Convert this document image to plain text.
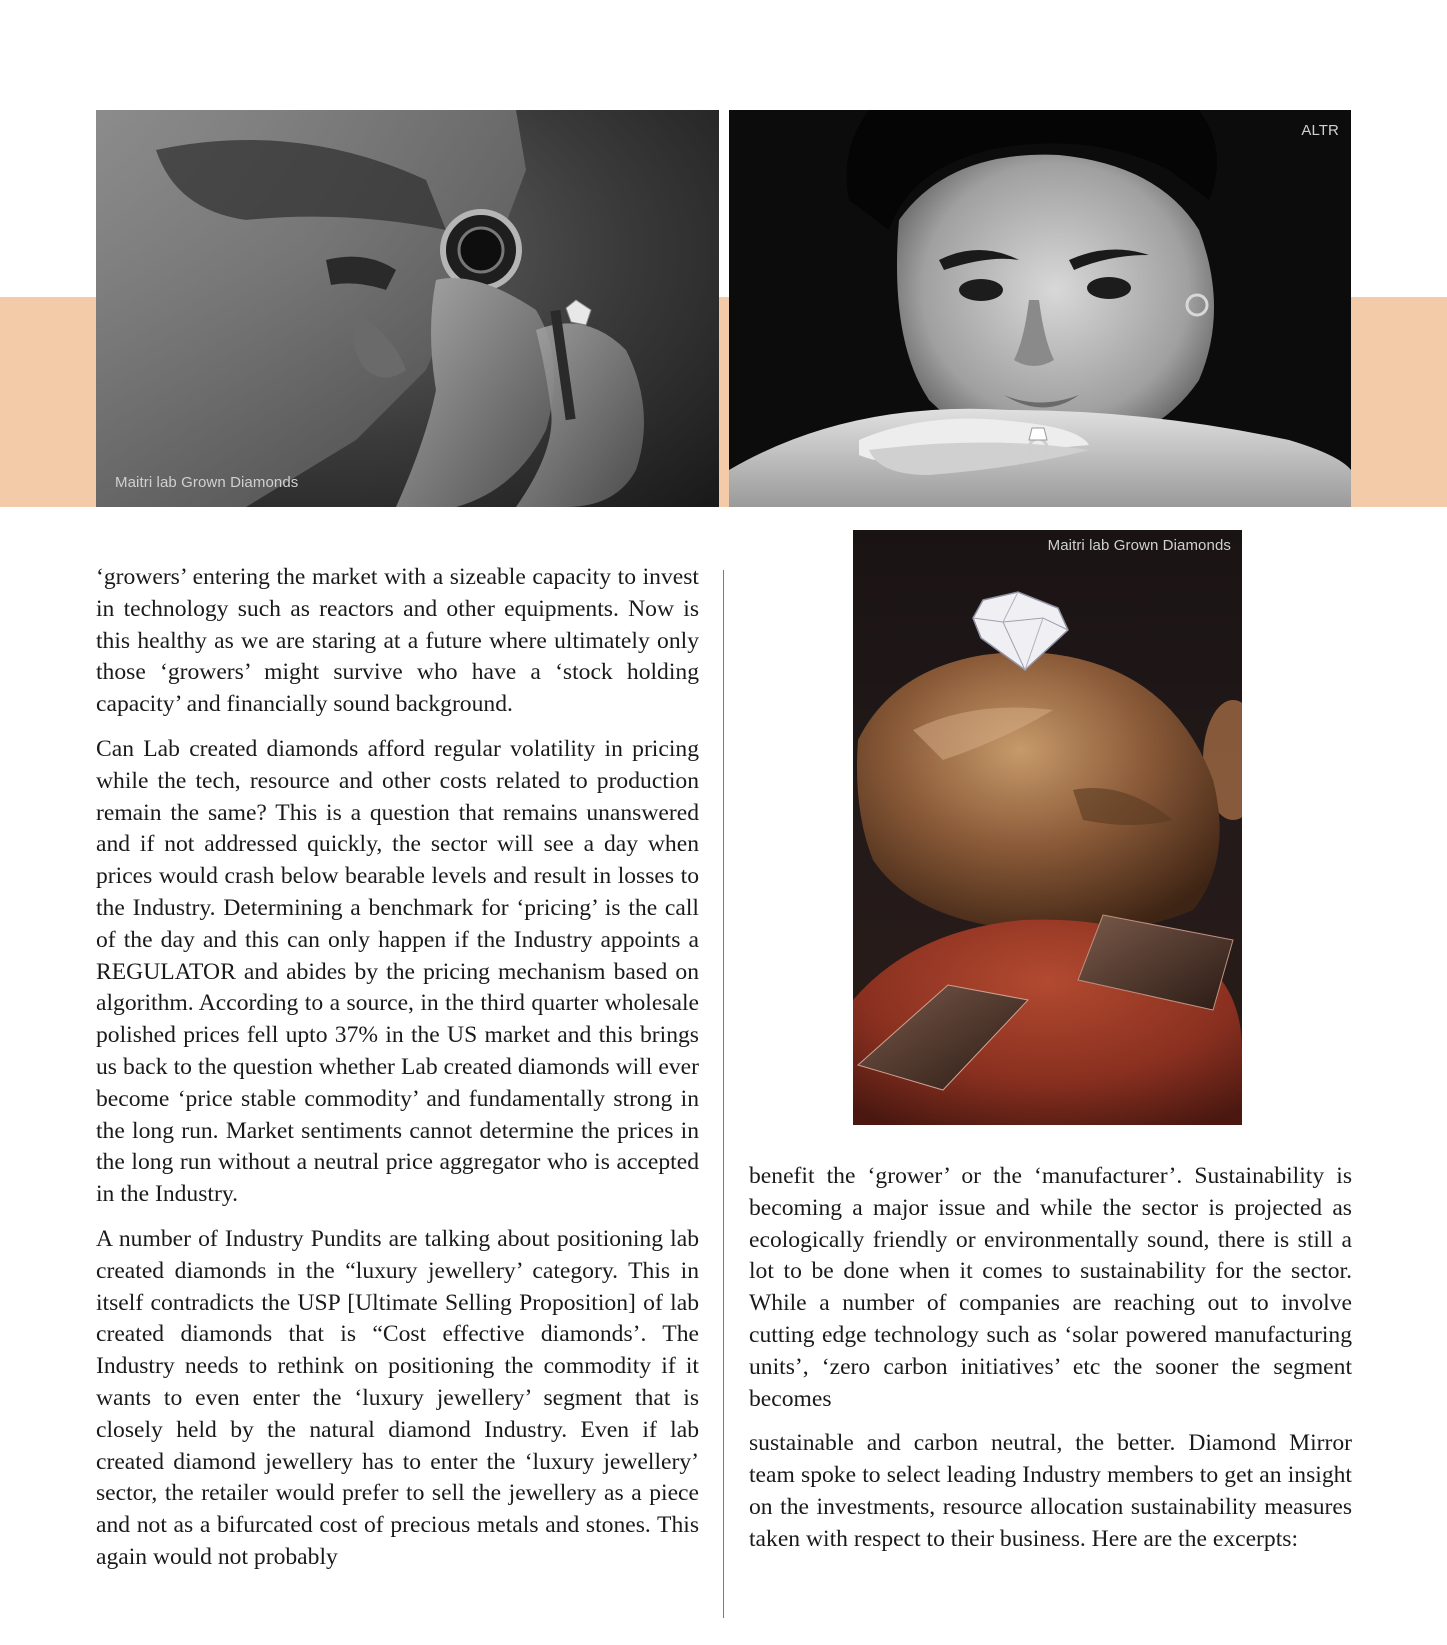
Maitri lab Grown Diamonds
ALTR
Maitri lab Grown Diamonds

‘growers’ entering the market with a sizeable capacity to invest in technology such as reactors and other equipments. Now is this healthy as we are staring at a future where ultimately only those ‘growers’ might survive who have a ‘stock holding capacity’ and financially sound background.

Can Lab created diamonds afford regular volatility in pricing while the tech, resource and other costs related to production remain the same? This is a question that remains unanswered and if not addressed quickly, the sector will see a day when prices would crash below bearable levels and result in losses to the Industry. Determining a benchmark for ‘pricing’ is the call of the day and this can only happen if the Industry appoints a REGULATOR and abides by the pricing mechanism based on algorithm. According to a source, in the third quarter wholesale polished prices fell upto 37% in the US market and this brings us back to the question whether Lab created diamonds will ever become ‘price stable commodity’ and fundamentally strong in the long run. Market sentiments cannot determine the prices in the long run without a neutral price aggregator who is accepted in the Industry.

A number of Industry Pundits are talking about positioning lab created diamonds in the “luxury jewellery’ category. This in itself contradicts the USP [Ultimate Selling Proposition] of lab created diamonds that is “Cost effective diamonds’. The Industry needs to rethink on positioning the commodity if it wants to even enter the ‘luxury jewellery’ segment that is closely held by the natural diamond Industry. Even if lab created diamond jewellery has to enter the ‘luxury jewellery’ sector, the retailer would prefer to sell the jewellery as a piece and not as a bifurcated cost of precious metals and stones. This again would not probably

benefit the ‘grower’ or the ‘manufacturer’. Sustainability is becoming a major issue and while the sector is projected as ecologically friendly or environmentally sound, there is still a lot to be done when it comes to sustainability for the sector. While a number of companies are reaching out to involve cutting edge technology such as ‘solar powered manufacturing units’, ‘zero carbon initiatives’ etc the sooner the segment becomes

sustainable and carbon neutral, the better. Diamond Mirror team spoke to select leading Industry members to get an insight on the investments, resource allocation sustainability measures taken with respect to their business. Here are the excerpts:
